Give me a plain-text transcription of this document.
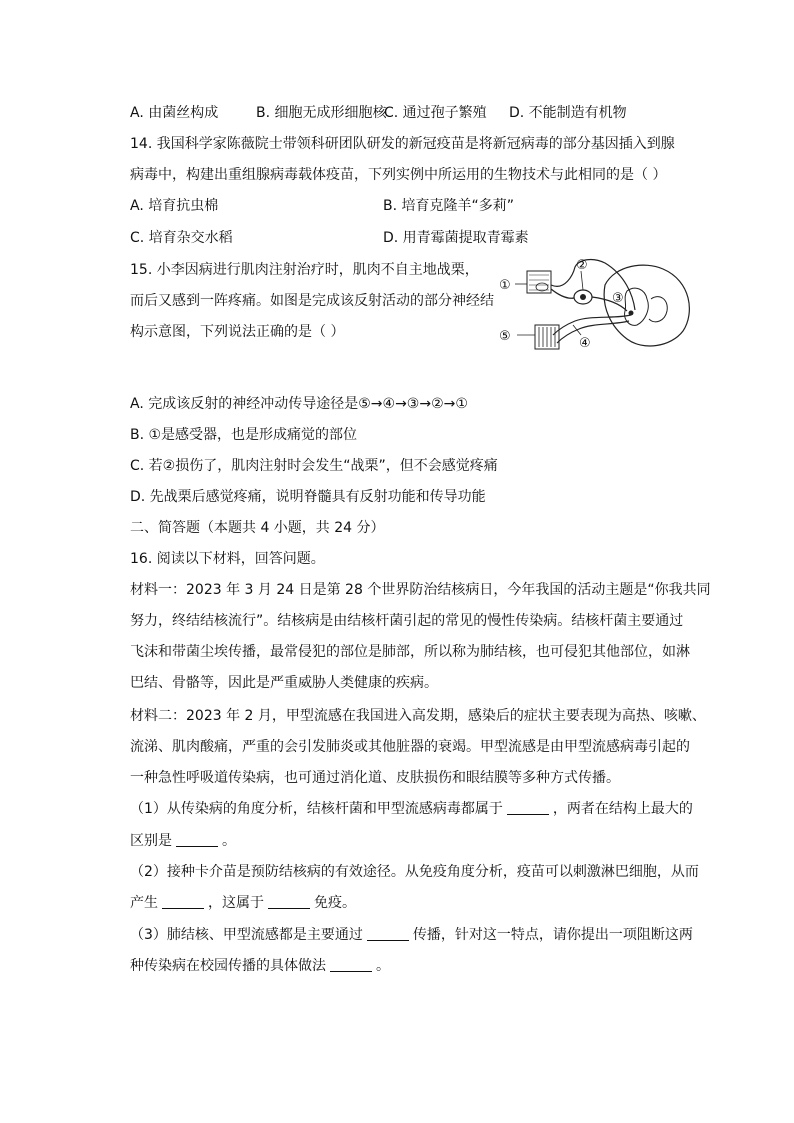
A. 由菌丝构成	B. 细胞无成形细胞核
C. 通过孢子繁殖 D. 不能制造有机物
14. 我国科学家陈薇院士带领科研团队研发的新冠疫苗是将新冠病毒的部分基因插入到腺
病毒中，构建出重组腺病毒载体疫苗，下列实例中所运用的生物技术与此相同的是（ ）
A. 培育抗虫棉	B. 培育克隆羊“多莉”
C. 培育杂交水稻	D. 用青霉菌提取青霉素
15. 小李因病进行肌肉注射治疗时，肌肉不自主地战栗，
而后又感到一阵疼痛。如图是完成该反射活动的部分神经结
构示意图，下列说法正确的是（ ）
①
②
③
④
⑤
A. 完成该反射的神经冲动传导途径是⑤→④→③→②→①
B. ①是感受器，也是形成痛觉的部位
C. 若②损伤了，肌肉注射时会发生“战栗”，但不会感觉疼痛
D. 先战栗后感觉疼痛，说明脊髓具有反射功能和传导功能
二、简答题（本题共 4 小题，共 24 分）
16. 阅读以下材料，回答问题。
材料一：2023 年 3 月 24 日是第 28 个世界防治结核病日，今年我国的活动主题是“你我共同
努力，终结结核流行”。结核病是由结核杆菌引起的常见的慢性传染病。结核杆菌主要通过
飞沫和带菌尘埃传播，最常侵犯的部位是肺部，所以称为肺结核，也可侵犯其他部位，如淋
巴结、骨骼等，因此是严重威胁人类健康的疾病。
材料二：2023 年 2 月，甲型流感在我国进入高发期，感染后的症状主要表现为高热、咳嗽、
流涕、肌肉酸痛，严重的会引发肺炎或其他脏器的衰竭。甲型流感是由甲型流感病毒引起的
一种急性呼吸道传染病，也可通过消化道、皮肤损伤和眼结膜等多种方式传播。
（1）从传染病的角度分析，结核杆菌和甲型流感病毒都属于	，两者在结构上最大的
区别是	。
（2）接种卡介苗是预防结核病的有效途径。从免疫角度分析，疫苗可以刺激淋巴细胞，从而
产生	，这属于	免疫。
（3）肺结核、甲型流感都是主要通过	传播，针对这一特点，请你提出一项阻断这两
种传染病在校园传播的具体做法	。
